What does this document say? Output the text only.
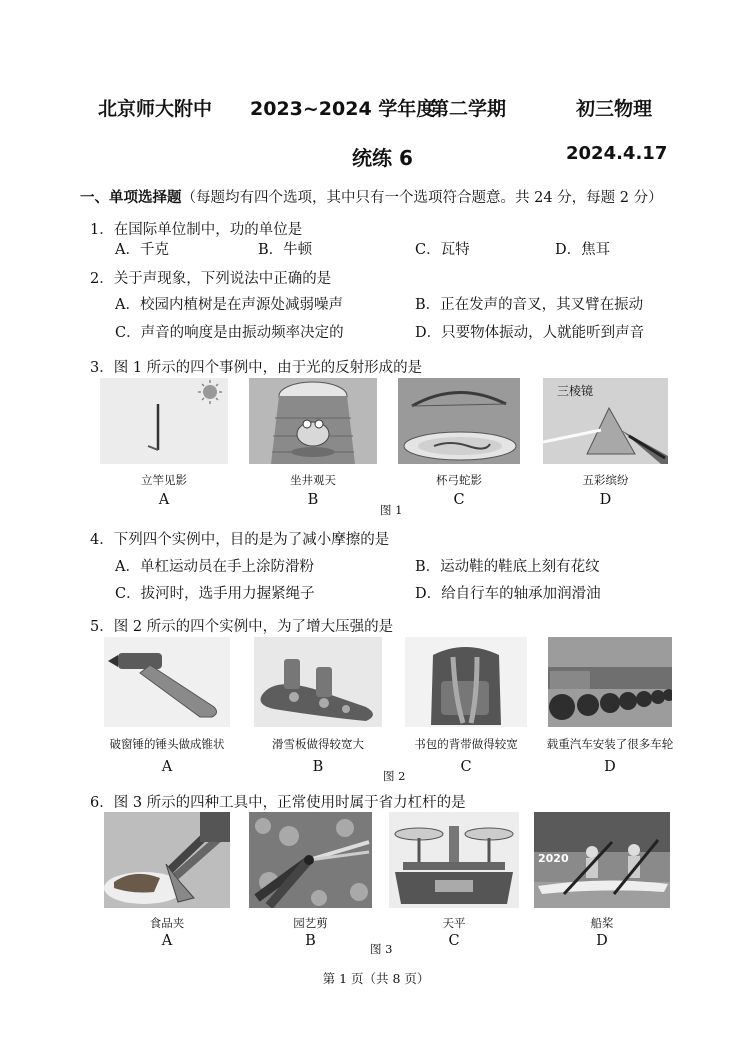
北京师大附中 2023~2024 学年度
第二学期	初三物理
统练 6	2024.4.17
一、单项选择题（每题均有四个选项，其中只有一个选项符合题意。共 24 分，每题 2 分）
1．在国际单位制中，功的单位是
A．千克	B．牛顿	C．瓦特	D．焦耳
2．关于声现象，下列说法中正确的是
A．校园内植树是在声源处减弱噪声	B．正在发声的音叉，其叉臂在振动
C．声音的响度是由振动频率决定的	D．只要物体振动，人就能听到声音
3．图 1 所示的四个事例中，由于光的反射形成的是
三棱镜
立竿见影	坐井观天	杯弓蛇影	五彩缤纷
A	B	C	D
图 1
4．下列四个实例中，目的是为了减小摩擦的是
A．单杠运动员在手上涂防滑粉	B．运动鞋的鞋底上刻有花纹
C．拔河时，选手用力握紧绳子	D．给自行车的轴承加润滑油
5．图 2 所示的四个实例中，为了增大压强的是
破窗锤的锤头做成锥状	滑雪板做得较宽大	书包的背带做得较宽	载重汽车安装了很多车轮
A	B	C	D
图 2
6．图 3 所示的四种工具中，正常使用时属于省力杠杆的是
2020
食品夹	园艺剪	天平	船桨
A	B	C	D
图 3
第 1 页（共 8 页）
